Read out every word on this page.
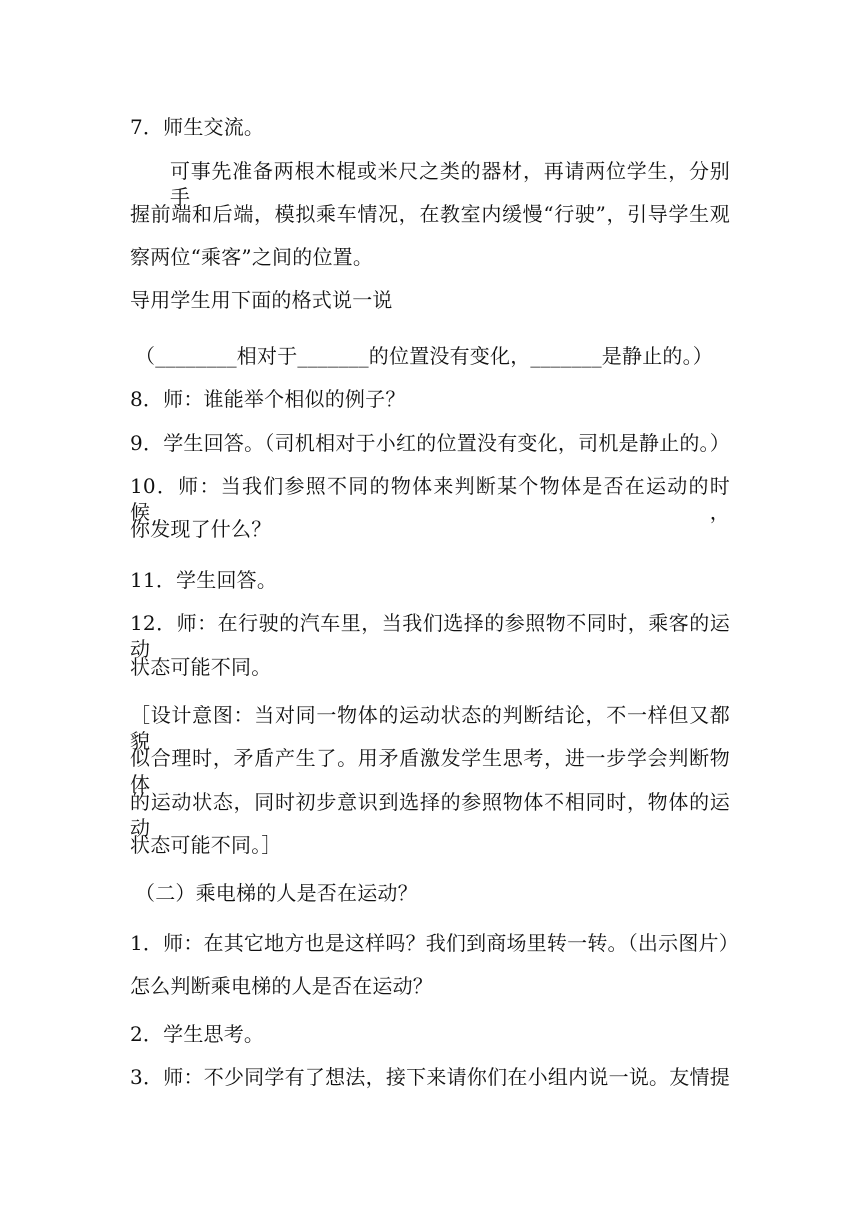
7．师生交流。
可事先准备两根木棍或米尺之类的器材，再请两位学生，分别手
握前端和后端，模拟乘车情况，在教室内缓慢“行驶”，引导学生观
察两位“乘客”之间的位置。
导用学生用下面的格式说一说
（________相对于_______的位置没有变化，_______是静止的。）
8．师：谁能举个相似的例子？
9．学生回答。（司机相对于小红的位置没有变化，司机是静止的。）
10．师：当我们参照不同的物体来判断某个物体是否在运动的时候，
你发现了什么？
11．学生回答。
12．师：在行驶的汽车里，当我们选择的参照物不同时，乘客的运动
状态可能不同。
［设计意图：当对同一物体的运动状态的判断结论，不一样但又都貌
似合理时，矛盾产生了。用矛盾激发学生思考，进一步学会判断物体
的运动状态，同时初步意识到选择的参照物体不相同时，物体的运动
状态可能不同。］
（二）乘电梯的人是否在运动？
1．师：在其它地方也是这样吗？我们到商场里转一转。（出示图片）
怎么判断乘电梯的人是否在运动？
2．学生思考。
3．师：不少同学有了想法，接下来请你们在小组内说一说。友情提
